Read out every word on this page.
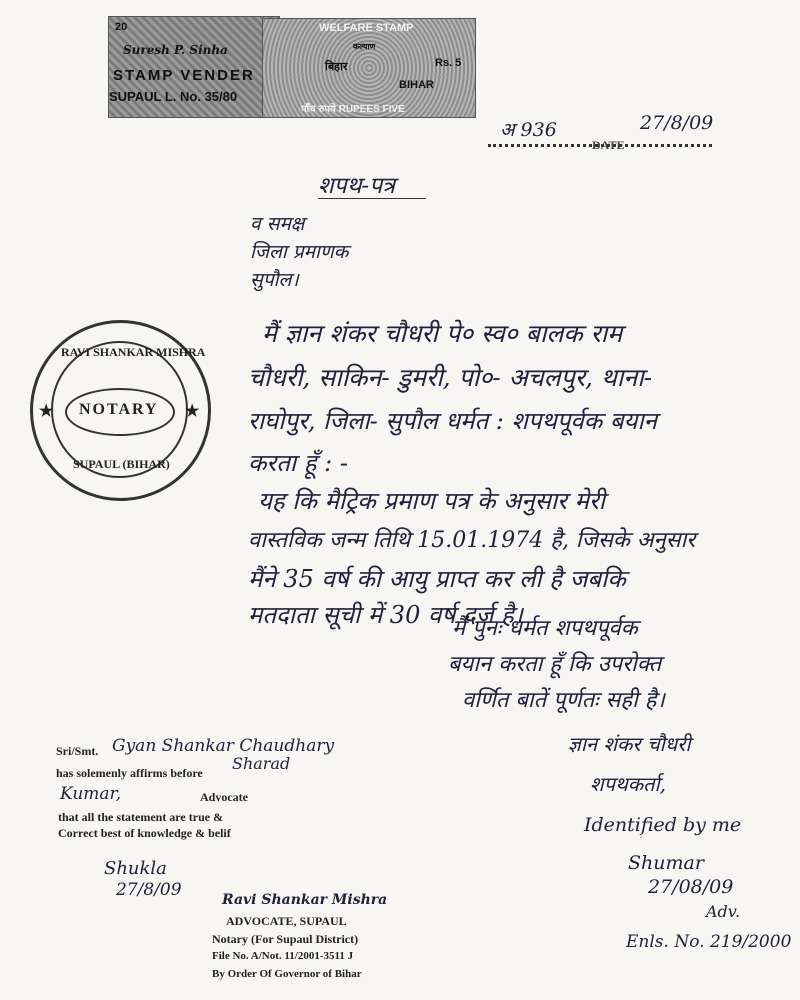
20
Suresh P. Sinha
STAMP VENDER
SUPAUL L. No. 35/80
WELFARE STAMP
Rs. 5
BIHAR
बिहार
कल्याण
पाँच रुपये RUPEES FIVE
अ 936	27/8/09
DATE
शपथ-पत्र
व समक्ष
जिला प्रमाणक
सुपौल।
मैं ज्ञान शंकर चौधरी पे० स्व० बालक राम
चौधरी, साकिन- डुमरी, पो०- अचलपुर, थाना-
राघोपुर, जिला- सुपौल धर्मत : शपथपूर्वक बयान
करता हूँ : -
यह कि मैट्रिक प्रमाण पत्र के अनुसार मेरी
वास्तविक जन्म तिथि 15.01.1974 है, जिसके अनुसार
मैंने 35 वर्ष की आयु प्राप्त कर ली है जबकि
मतदाता सूची में 30 वर्ष दर्ज है।
मैं पुनः धर्मत शपथपूर्वक
बयान करता हूँ कि उपरोक्त
वर्णित बातें पूर्णतः सही है।
ज्ञान शंकर चौधरी
शपथकर्ता,
Identified by me
Shumar
27/08/09
Adv.
Enls. No. 219/2000
RAVI SHANKAR MISHRA
NOTARY
SUPAUL (BIHAR)
★	★
Sri/Smt. Gyan Shankar Chaudhary
has solemenly affirms before Sharad
Kumar,	Advocate
that all the statement are true &
Correct best of knowledge & belif
Shukla
27/8/09	Ravi Shankar Mishra
ADVOCATE, SUPAUL
Notary (For Supaul District)
File No. A/Not. 11/2001-3511 J
By Order Of Governor of Bihar
